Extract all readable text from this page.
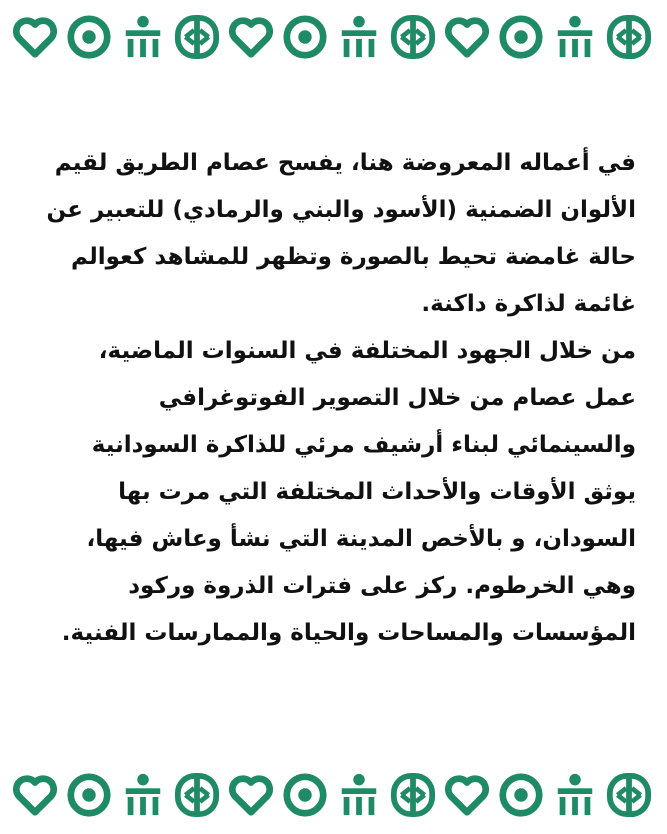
في أعماله المعروضة هنا، يفسح عصام الطريق لقيم الألوان الضمنية (الأسود والبني والرمادي) للتعبير عن حالة غامضة تحيط بالصورة وتظهر للمشاهد كعوالم غائمة لذاكرة داكنة.

من خلال الجهود المختلفة في السنوات الماضية، عمل عصام من خلال التصوير الفوتوغرافي والسينمائي لبناء أرشيف مرئي للذاكرة السودانية يوثق الأوقات والأحداث المختلفة التي مرت بها السودان، و بالأخص المدينة التي نشأ وعاش فيها، وهي الخرطوم. ركز على فترات الذروة وركود المؤسسات والمساحات والحياة والممارسات الفنية.
